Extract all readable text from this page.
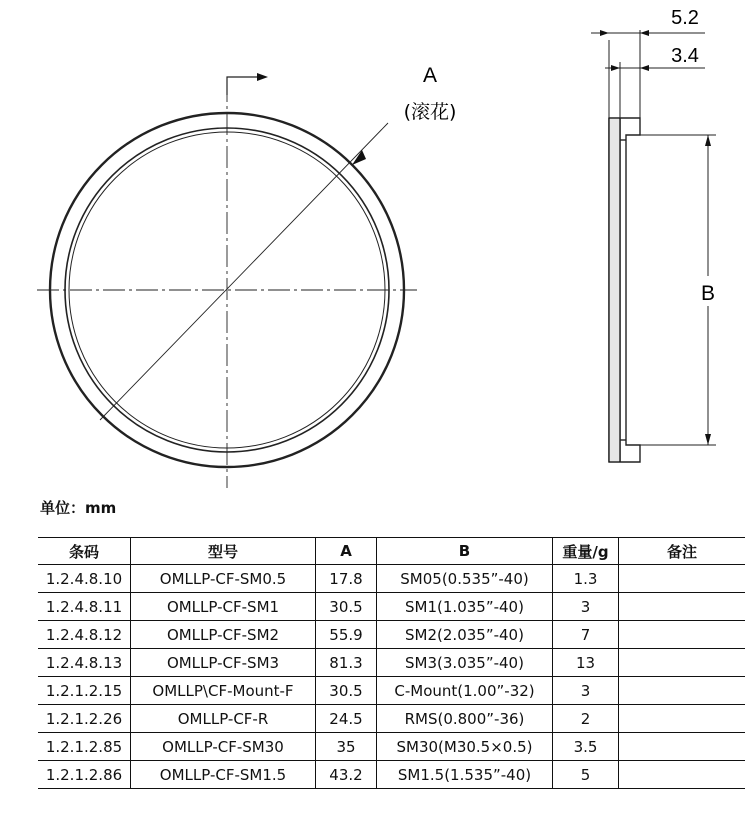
A
(滚花)
5.2
3.4
B
单位：mm
条码	型号	A	B	重量/g	备注
1.2.4.8.10	OMLLP-CF-SM0.5	17.8	SM05(0.535”-40)	1.3	
1.2.4.8.11	OMLLP-CF-SM1	30.5	SM1(1.035”-40)	3	
1.2.4.8.12	OMLLP-CF-SM2	55.9	SM2(2.035”-40)	7	
1.2.4.8.13	OMLLP-CF-SM3	81.3	SM3(3.035”-40)	13	
1.2.1.2.15	OMLLP\CF-Mount-F	30.5	C-Mount(1.00”-32)	3	
1.2.1.2.26	OMLLP-CF-R	24.5	RMS(0.800”-36)	2	
1.2.1.2.85	OMLLP-CF-SM30	35	SM30(M30.5×0.5)	3.5	
1.2.1.2.86	OMLLP-CF-SM1.5	43.2	SM1.5(1.535”-40)	5	
